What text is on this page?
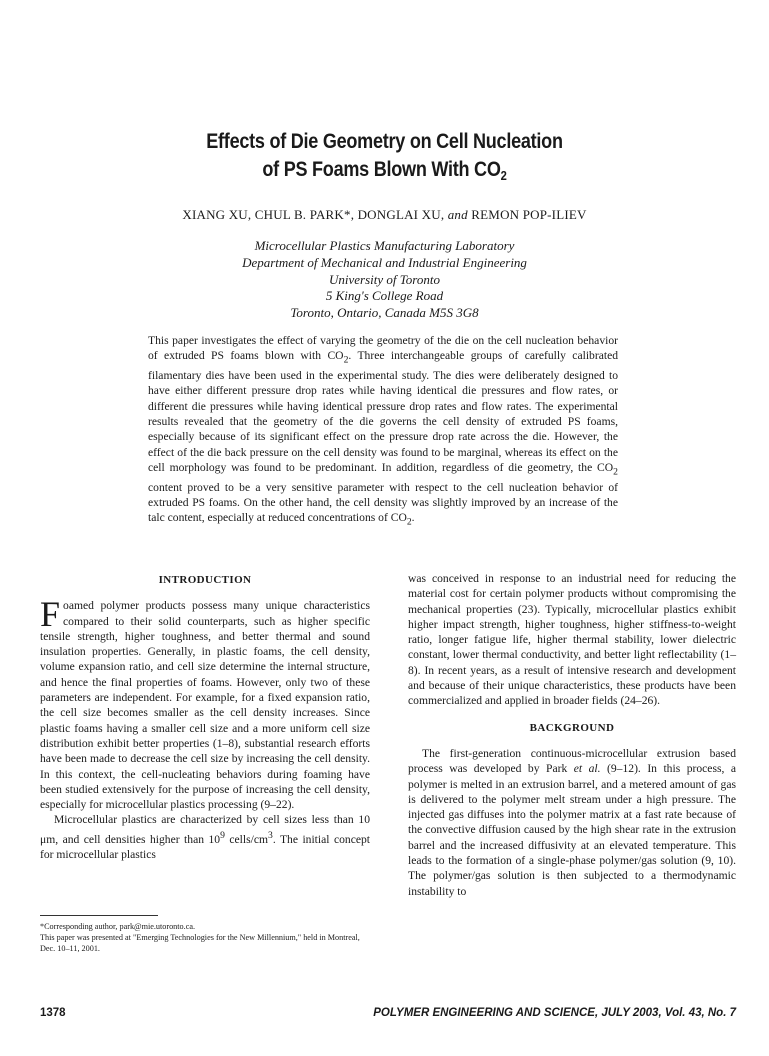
Effects of Die Geometry on Cell Nucleation
of PS Foams Blown With $CO_2$
XIANG XU, CHUL B. PARK*, DONGLAI XU, and REMON POP-ILIEV
Microcellular Plastics Manufacturing Laboratory
Department of Mechanical and Industrial Engineering
University of Toronto
5 King's College Road
Toronto, Ontario, Canada M5S 3G8
This paper investigates the effect of varying the geometry of the die on the cell nucleation behavior of extruded PS foams blown with $CO_2$. Three interchangeable groups of carefully calibrated filamentary dies have been used in the experimental study. The dies were deliberately designed to have either different pressure drop rates while having identical die pressures and flow rates, or different die pressures while having identical pressure drop rates and flow rates. The experimental results revealed that the geometry of the die governs the cell density of extruded PS foams, especially because of its significant effect on the pressure drop rate across the die. However, the effect of the die back pressure on the cell density was found to be marginal, whereas its effect on the cell morphology was found to be predominant. In addition, regardless of die geometry, the $CO_2$ content proved to be a very sensitive parameter with respect to the cell nucleation behavior of extruded PS foams. On the other hand, the cell density was slightly improved by an increase of the talc content, especially at reduced concentrations of $CO_2$.
INTRODUCTION

Foamed polymer products possess many unique characteristics compared to their solid counterparts, such as higher specific tensile strength, higher toughness, and better thermal and sound insulation properties. Generally, in plastic foams, the cell density, volume expansion ratio, and cell size determine the internal structure, and hence the final properties of foams. However, only two of these parameters are independent. For example, for a fixed expansion ratio, the cell size becomes smaller as the cell density increases. Since plastic foams having a smaller cell size and a more uniform cell size distribution exhibit better properties (1–8), substantial research efforts have been made to decrease the cell size by increasing the cell density. In this context, the cell-nucleating behaviors during foaming have been studied extensively for the purpose of increasing the cell density, especially for microcellular plastics processing (9–22).

Microcellular plastics are characterized by cell sizes less than 10 μm, and cell densities higher than $10^9$ cells/$cm^3$. The initial concept for microcellular plastics

was conceived in response to an industrial need for reducing the material cost for certain polymer products without compromising the mechanical properties (23). Typically, microcellular plastics exhibit higher impact strength, higher toughness, higher stiffness-to-weight ratio, longer fatigue life, higher thermal stability, lower dielectric constant, lower thermal conductivity, and better light reflectability (1–8). In recent years, as a result of intensive research and development and because of their unique characteristics, these products have been commercialized and applied in broader fields (24–26).

BACKGROUND

The first-generation continuous-microcellular extrusion based process was developed by Park et al. (9–12). In this process, a polymer is melted in an extrusion barrel, and a metered amount of gas is delivered to the polymer melt stream under a high pressure. The injected gas diffuses into the polymer matrix at a fast rate because of the convective diffusion caused by the high shear rate in the extrusion barrel and the increased diffusivity at an elevated temperature. This leads to the formation of a single-phase polymer/gas solution (9, 10). The polymer/gas solution is then subjected to a thermodynamic instability to

*Corresponding author, park@mie.utoronto.ca.

This paper was presented at "Emerging Technologies for the New Millennium," held in Montreal, Dec. 10–11, 2001.

1378	POLYMER ENGINEERING AND SCIENCE, JULY 2003, Vol. 43, No. 7
